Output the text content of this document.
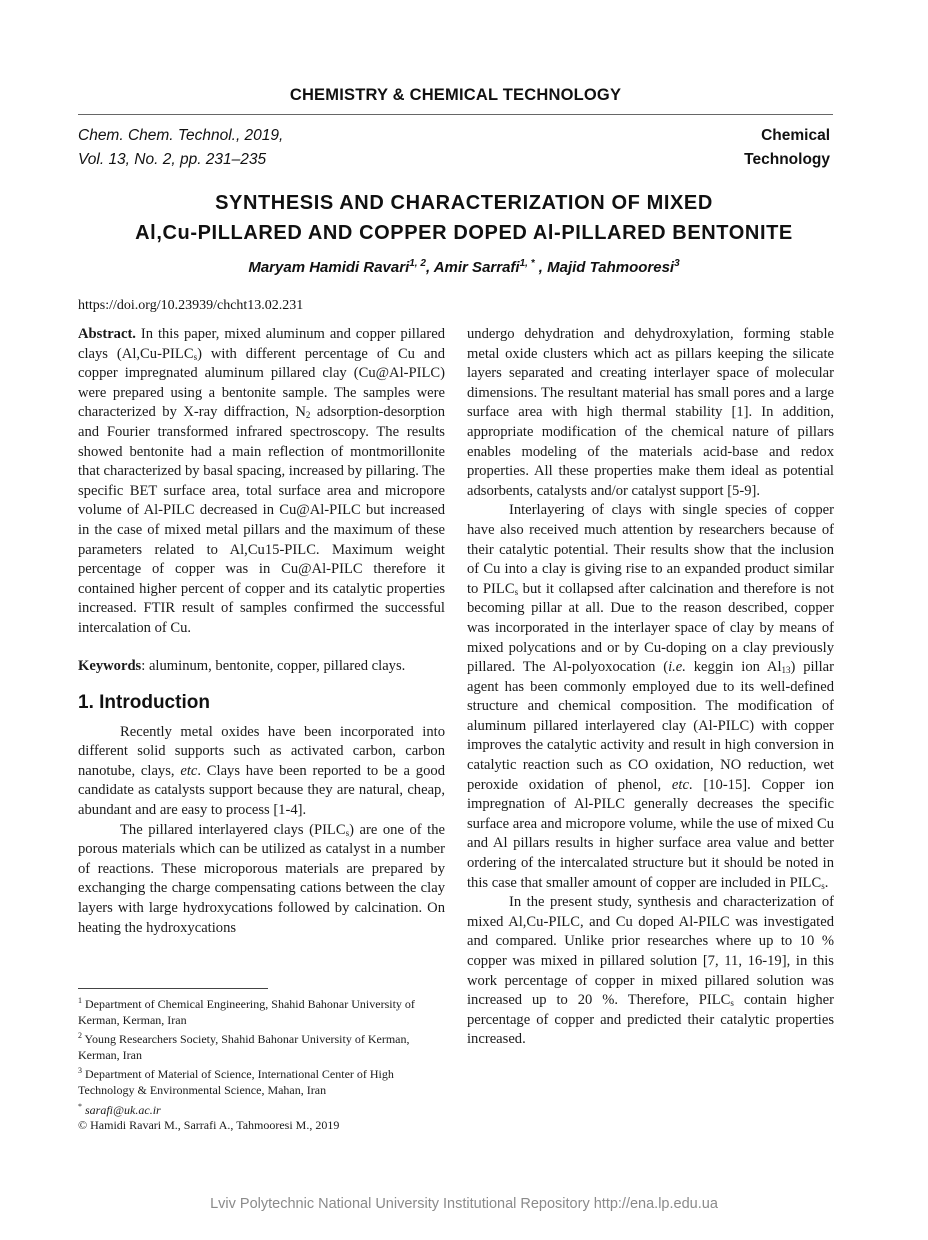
CHEMISTRY & CHEMICAL TECHNOLOGY
Chem. Chem. Technol., 2019,
Vol. 13, No. 2, pp. 231–235
Chemical
Technology
SYNTHESIS AND CHARACTERIZATION OF MIXED
Al,Cu-PILLARED AND COPPER DOPED Al-PILLARED BENTONITE
Maryam Hamidi Ravari$^{1, 2}$, Amir Sarrafi$^{1, *}$ , Majid Tahmooresi$^3$
https://doi.org/10.23939/chcht13.02.231

Abstract. In this paper, mixed aluminum and copper pillared clays $(Al,Cu-PILC_s)$ with different percentage of Cu and copper impregnated aluminum pillared clay (Cu@Al-PILC) were prepared using a bentonite sample. The samples were characterized by X-ray diffraction, $N_2$ adsorption-desorption and Fourier transformed infrared spectroscopy. The results showed bentonite had a main reflection of montmorillonite that characterized by basal spacing, increased by pillaring. The specific BET surface area, total surface area and micropore volume of Al-PILC decreased in Cu@Al-PILC but increased in the case of mixed metal pillars and the maximum of these parameters related to Al,Cu15-PILC. Maximum weight percentage of copper was in Cu@Al-PILC therefore it contained higher percent of copper and its catalytic properties increased. FTIR result of samples confirmed the successful intercalation of Cu.

Keywords: aluminum, bentonite, copper, pillared clays.

1. Introduction

Recently metal oxides have been incorporated into different solid supports such as activated carbon, carbon nanotube, clays, etc. Clays have been reported to be a good candidate as catalysts support because they are natural, cheap, abundant and are easy to process [1-4].

The pillared interlayered clays $(PILC_s)$ are one of the porous materials which can be utilized as catalyst in a number of reactions. These microporous materials are prepared by exchanging the charge compensating cations between the clay layers with large hydroxycations followed by calcination. On heating the hydroxycations

undergo dehydration and dehydroxylation, forming stable metal oxide clusters which act as pillars keeping the silicate layers separated and creating interlayer space of molecular dimensions. The resultant material has small pores and a large surface area with high thermal stability [1]. In addition, appropriate modification of the chemical nature of pillars enables modeling of the materials acid-base and redox properties. All these properties make them ideal as potential adsorbents, catalysts and/or catalyst support [5-9].

Interlayering of clays with single species of copper have also received much attention by researchers because of their catalytic potential. Their results show that the inclusion of Cu into a clay is giving rise to an expanded product similar to $PILC_s$ but it collapsed after calcination and therefore is not becoming pillar at all. Due to the reason described, copper was incorporated in the interlayer space of clay by means of mixed polycations and or by Cu-doping on a clay previously pillared. The Al-polyoxocation (i.e. keggin ion $Al_{13}$) pillar agent has been commonly employed due to its well-defined structure and chemical composition. The modification of aluminum pillared interlayered clay (Al-PILC) with copper improves the catalytic activity and result in high conversion in catalytic reaction such as CO oxidation, NO reduction, wet peroxide oxidation of phenol, etc. [10-15]. Copper ion impregnation of Al-PILC generally decreases the specific surface area and micropore volume, while the use of mixed Cu and Al pillars results in higher surface area value and better ordering of the intercalated structure but it should be noted in this case that smaller amount of copper are included in $PILC_s$.

In the present study, synthesis and characterization of mixed Al,Cu-PILC, and Cu doped Al-PILC was investigated and compared. Unlike prior researches where up to 10 % copper was mixed in pillared solution [7, 11, 16-19], in this work percentage of copper in mixed pillared solution was increased up to 20 %. Therefore, $PILC_s$ contain higher percentage of copper and predicted their catalytic properties increased.

$^1$ Department of Chemical Engineering, Shahid Bahonar University of Kerman, Kerman, Iran
$^2$ Young Researchers Society, Shahid Bahonar University of Kerman, Kerman, Iran
$^3$ Department of Material of Science, International Center of High Technology & Environmental Science, Mahan, Iran
* sarafi@uk.ac.ir
© Hamidi Ravari M., Sarrafi A., Tahmooresi M., 2019
Lviv Polytechnic National University Institutional Repository http://ena.lp.edu.ua
